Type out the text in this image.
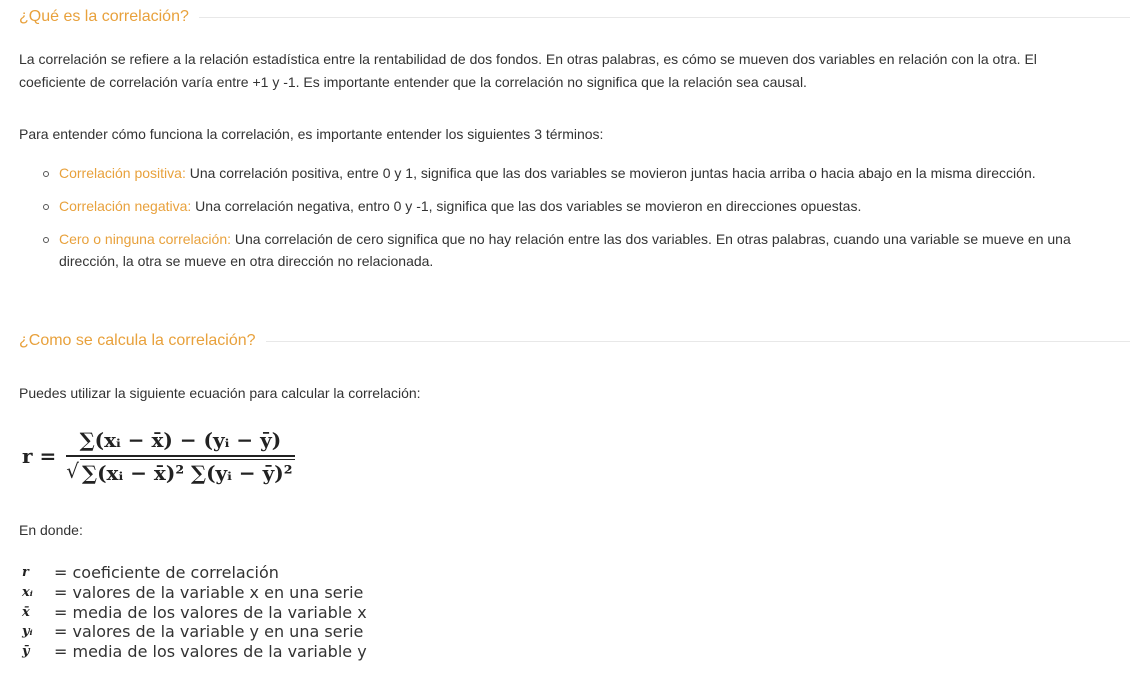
¿Qué es la correlación?
La correlación se refiere a la relación estadística entre la rentabilidad de dos fondos. En otras palabras, es cómo se mueven dos variables en relación con la otra. El coeficiente de correlación varía entre +1 y -1. Es importante entender que la correlación no significa que la relación sea causal.
Para entender cómo funciona la correlación, es importante entender los siguientes 3 términos:
Correlación positiva: Una correlación positiva, entre 0 y 1, significa que las dos variables se movieron juntas hacia arriba o hacia abajo en la misma dirección.
Correlación negativa: Una correlación negativa, entro 0 y -1, significa que las dos variables se movieron en direcciones opuestas.
Cero o ninguna correlación: Una correlación de cero significa que no hay relación entre las dos variables. En otras palabras, cuando una variable se mueve en una dirección, la otra se mueve en otra dirección no relacionada.
¿Como se calcula la correlación?
Puedes utilizar la siguiente ecuación para calcular la correlación:
$r = \frac{\text{∑(xᵢ − x̄) − (yᵢ − ȳ)}}{\text{√ ∑(xᵢ − x̄)² ∑(yᵢ − ȳ)²}}$
En donde:
r	= coeficiente de correlación
xᵢ	= valores de la variable x en una serie
x̄	= media de los valores de la variable x
yᵢ	= valores de la variable y en una serie
ȳ	= media de los valores de la variable y
